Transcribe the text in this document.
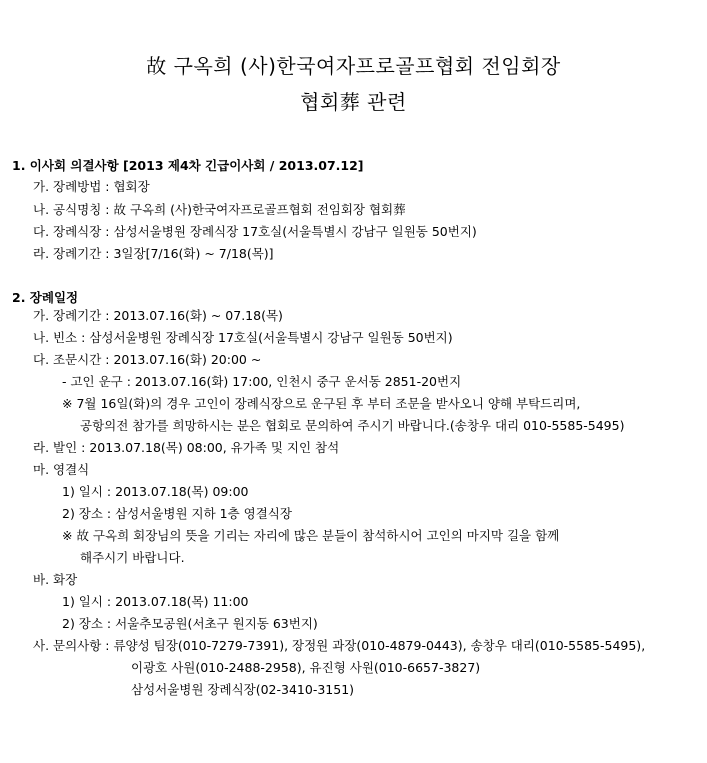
故 구옥희 (사)한국여자프로골프협회 전임회장
협회葬 관련
1. 이사회 의결사항 [2013 제4차 긴급이사회 / 2013.07.12]
가. 장례방법 : 협회장
나. 공식명칭 : 故 구옥희 (사)한국여자프로골프협회 전임회장 협회葬
다. 장례식장 : 삼성서울병원 장례식장 17호실(서울특별시 강남구 일원동 50번지)
라. 장례기간 : 3일장[7/16(화) ~ 7/18(목)]
2. 장례일정
가. 장례기간 : 2013.07.16(화) ~ 07.18(목)
나. 빈소 : 삼성서울병원 장례식장 17호실(서울특별시 강남구 일원동 50번지)
다. 조문시간 : 2013.07.16(화) 20:00 ~
- 고인 운구 : 2013.07.16(화) 17:00, 인천시 중구 운서동 2851-20번지
※ 7월 16일(화)의 경우 고인이 장례식장으로 운구된 후 부터 조문을 받사오니 양해 부탁드리며,
공항의전 참가를 희망하시는 분은 협회로 문의하여 주시기 바랍니다.(송창우 대리 010-5585-5495)
라. 발인 : 2013.07.18(목) 08:00, 유가족 및 지인 참석
마. 영결식
1) 일시 : 2013.07.18(목) 09:00
2) 장소 : 삼성서울병원 지하 1층 영결식장
※ 故 구옥희 회장님의 뜻을 기리는 자리에 많은 분들이 참석하시어 고인의 마지막 길을 함께
해주시기 바랍니다.
바. 화장
1) 일시 : 2013.07.18(목) 11:00
2) 장소 : 서울추모공원(서초구 원지동 63번지)
사. 문의사항 : 류양성 팀장(010-7279-7391), 장정원 과장(010-4879-0443), 송창우 대리(010-5585-5495),
이광호 사원(010-2488-2958), 유진형 사원(010-6657-3827)
삼성서울병원 장례식장(02-3410-3151)
